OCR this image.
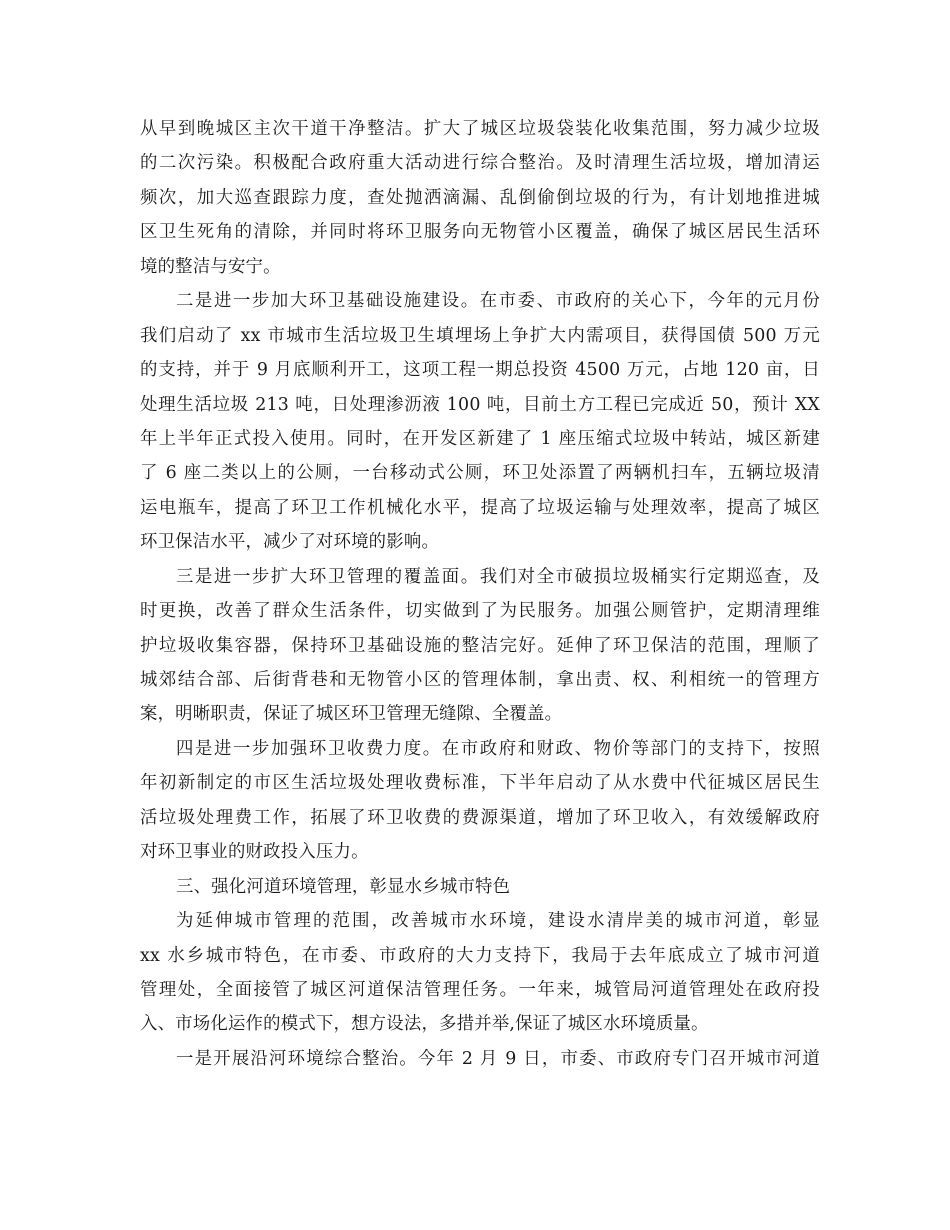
从早到晚城区主次干道干净整洁。扩大了城区垃圾袋装化收集范围，努力减少垃圾
的二次污染。积极配合政府重大活动进行综合整治。及时清理生活垃圾，增加清运
频次，加大巡查跟踪力度，查处抛洒滴漏、乱倒偷倒垃圾的行为，有计划地推进城
区卫生死角的清除，并同时将环卫服务向无物管小区覆盖，确保了城区居民生活环
境的整洁与安宁。
二是进一步加大环卫基础设施建设。在市委、市政府的关心下，今年的元月份
我们启动了 xx 市城市生活垃圾卫生填埋场上争扩大内需项目，获得国债 500 万元
的支持，并于 9 月底顺利开工，这项工程一期总投资 4500 万元，占地 120 亩，日
处理生活垃圾 213 吨，日处理渗沥液 100 吨，目前土方工程已完成近 50，预计 XX
年上半年正式投入使用。同时，在开发区新建了 1 座压缩式垃圾中转站，城区新建
了 6 座二类以上的公厕，一台移动式公厕，环卫处添置了两辆机扫车，五辆垃圾清
运电瓶车，提高了环卫工作机械化水平，提高了垃圾运输与处理效率，提高了城区
环卫保洁水平，减少了对环境的影响。
三是进一步扩大环卫管理的覆盖面。我们对全市破损垃圾桶实行定期巡查，及
时更换，改善了群众生活条件，切实做到了为民服务。加强公厕管护，定期清理维
护垃圾收集容器，保持环卫基础设施的整洁完好。延伸了环卫保洁的范围，理顺了
城郊结合部、后街背巷和无物管小区的管理体制，拿出责、权、利相统一的管理方
案，明晰职责，保证了城区环卫管理无缝隙、全覆盖。
四是进一步加强环卫收费力度。在市政府和财政、物价等部门的支持下，按照
年初新制定的市区生活垃圾处理收费标准，下半年启动了从水费中代征城区居民生
活垃圾处理费工作，拓展了环卫收费的费源渠道，增加了环卫收入，有效缓解政府
对环卫事业的财政投入压力。
三、强化河道环境管理，彰显水乡城市特色
为延伸城市管理的范围，改善城市水环境，建设水清岸美的城市河道，彰显
xx 水乡城市特色，在市委、市政府的大力支持下，我局于去年底成立了城市河道
管理处，全面接管了城区河道保洁管理任务。一年来，城管局河道管理处在政府投
入、市场化运作的模式下，想方设法，多措并举,保证了城区水环境质量。
一是开展沿河环境综合整治。今年 2 月 9 日，市委、市政府专门召开城市河道
